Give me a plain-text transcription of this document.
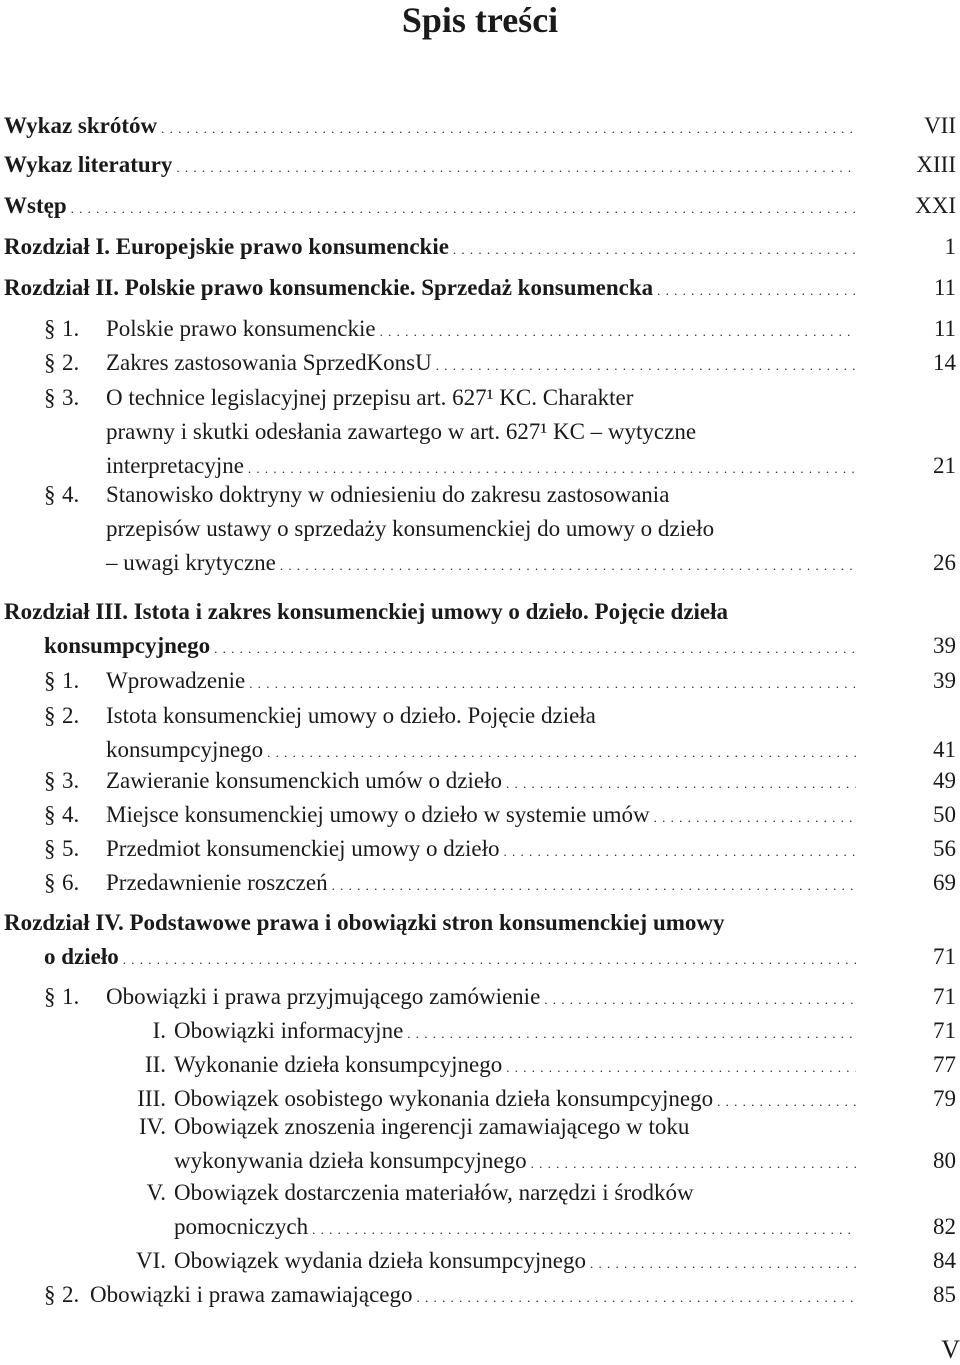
Spis treści
Wykaz skrótów . . .	VII
Wykaz literatury . . .	XIII
Wstęp . . .	XXI
Rozdział I. Europejskie prawo konsumenckie . . .	1
Rozdział II. Polskie prawo konsumenckie. Sprzedaż konsumencka . . .	11
§ 1. Polskie prawo konsumenckie . . .	11
§ 2. Zakres zastosowania SprzedKonsU . . .	14
§ 3. O technice legislacyjnej przepisu art. 627¹ KC. Charakter
prawny i skutki odesłania zawartego w art. 627¹ KC – wytyczne
interpretacyjne . . .	21
§ 4. Stanowisko doktryny w odniesieniu do zakresu zastosowania
przepisów ustawy o sprzedaży konsumenckiej do umowy o dzieło
– uwagi krytyczne . . .	26
Rozdział III. Istota i zakres konsumenckiej umowy o dzieło. Pojęcie dzieła
konsumpcyjnego . . .	39
§ 1. Wprowadzenie . . .	39
§ 2. Istota konsumenckiej umowy o dzieło. Pojęcie dzieła
konsumpcyjnego . . .	41
§ 3. Zawieranie konsumenckich umów o dzieło . . .	49
§ 4. Miejsce konsumenckiej umowy o dzieło w systemie umów . . .	50
§ 5. Przedmiot konsumenckiej umowy o dzieło . . .	56
§ 6. Przedawnienie roszczeń . . .	69
Rozdział IV. Podstawowe prawa i obowiązki stron konsumenckiej umowy
o dzieło . . .	71
§ 1. Obowiązki i prawa przyjmującego zamówienie . . .	71
I. Obowiązki informacyjne . . .	71
II. Wykonanie dzieła konsumpcyjnego . . .	77
III. Obowiązek osobistego wykonania dzieła konsumpcyjnego . . .	79
IV. Obowiązek znoszenia ingerencji zamawiającego w toku
wykonywania dzieła konsumpcyjnego . . .	80
V. Obowiązek dostarczenia materiałów, narzędzi i środków
pomocniczych . . .	82
VI. Obowiązek wydania dzieła konsumpcyjnego . . .	84
§ 2. Obowiązki i prawa zamawiającego . . .	85
V
